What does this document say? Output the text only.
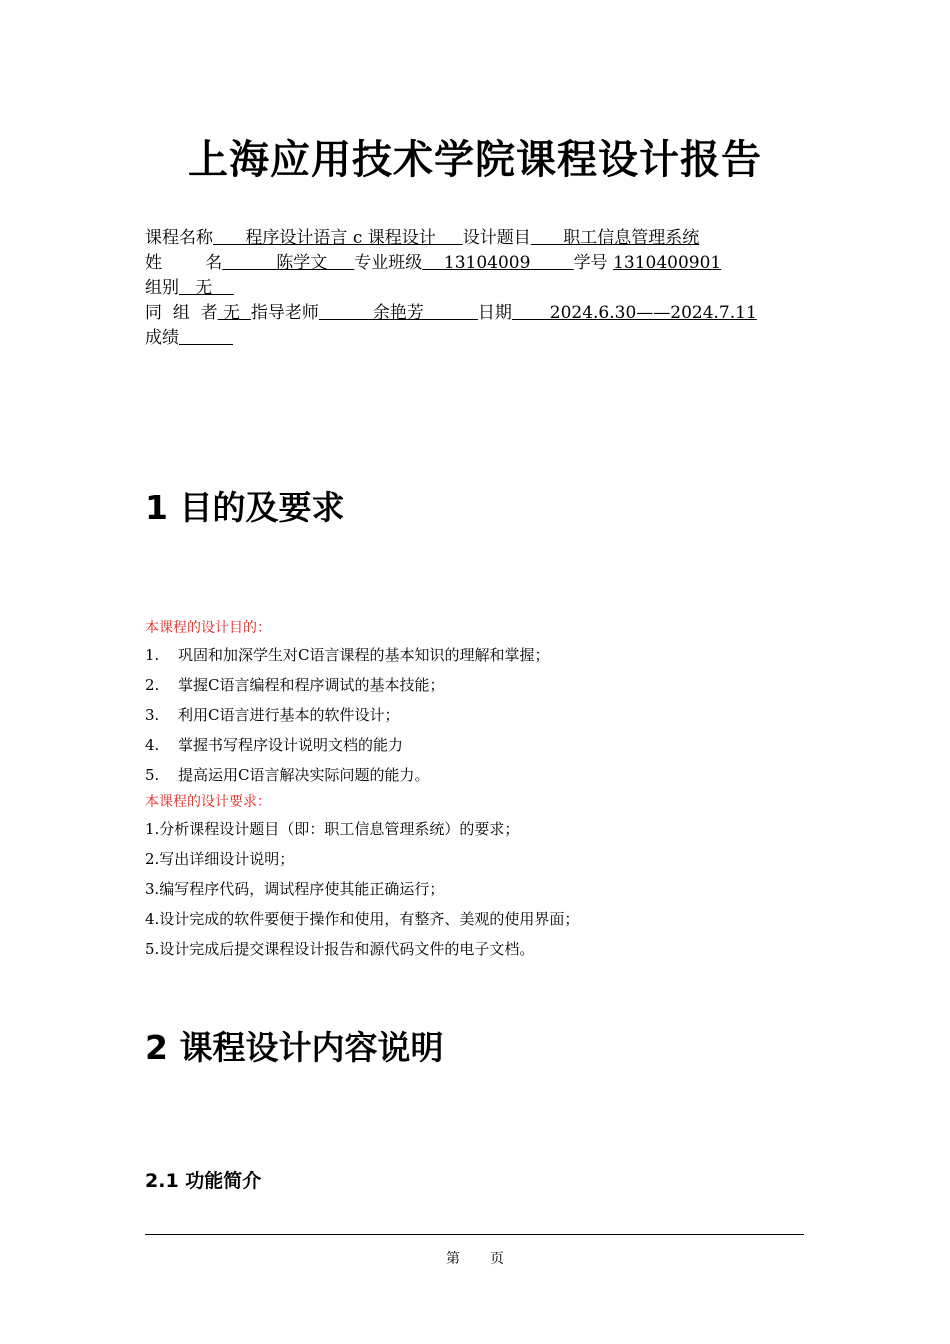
上海应用技术学院课程设计报告
课程名称      程序设计语言 c 课程设计     设计题目      职工信息管理系统
姓        名          陈学文     专业班级    13104009        学号 1310400901
组别   无
同  组  者 无  指导老师          余艳芳          日期       2024.6.30——2024.7.11
成绩
1 目的及要求
本课程的设计目的：
1. 巩固和加深学生对C语言课程的基本知识的理解和掌握；
2. 掌握C语言编程和程序调试的基本技能；
3. 利用C语言进行基本的软件设计；
4. 掌握书写程序设计说明文档的能力
5. 提高运用C语言解决实际问题的能力。
本课程的设计要求：
1.分析课程设计题目（即：职工信息管理系统）的要求；
2.写出详细设计说明；
3.编写程序代码，调试程序使其能正确运行；
4.设计完成的软件要便于操作和使用，有整齐、美观的使用界面；
5.设计完成后提交课程设计报告和源代码文件的电子文档。
2 课程设计内容说明
2.1 功能简介
第 页
